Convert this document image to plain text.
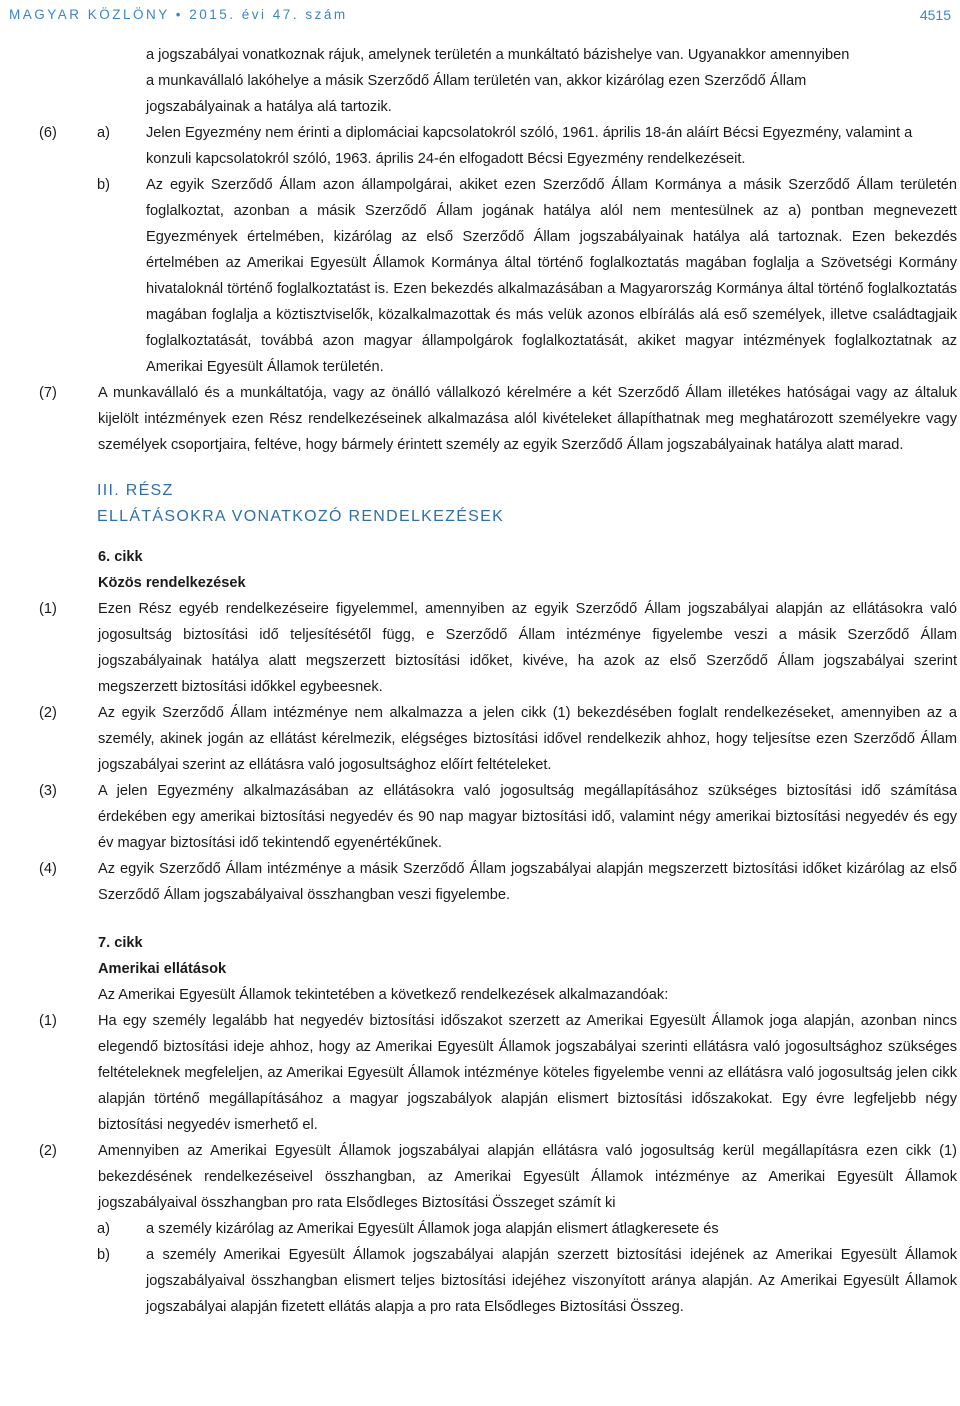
MAGYAR KÖZLÖNY • 2015. évi 47. szám	4515
a jogszabályai vonatkoznak rájuk, amelynek területén a munkáltató bázishelye van. Ugyanakkor amennyiben
a munkavállaló lakóhelye a másik Szerződő Állam területén van, akkor kizárólag ezen Szerződő Állam
jogszabályainak a hatálya alá tartozik.
(6)	a) Jelen Egyezmény nem érinti a diplomáciai kapcsolatokról szóló, 1961. április 18-án aláírt Bécsi Egyezmény, valamint a konzuli kapcsolatokról szóló, 1963. április 24-én elfogadott Bécsi Egyezmény rendelkezéseit.
b) Az egyik Szerződő Állam azon állampolgárai, akiket ezen Szerződő Állam Kormánya a másik Szerződő Állam területén foglalkoztat, azonban a másik Szerződő Állam jogának hatálya alól nem mentesülnek az a) pontban megnevezett Egyezmények értelmében, kizárólag az első Szerződő Állam jogszabályainak hatálya alá tartoznak. Ezen bekezdés értelmében az Amerikai Egyesült Államok Kormánya által történő foglalkoztatás magában foglalja a Szövetségi Kormány hivataloknál történő foglalkoztatást is. Ezen bekezdés alkalmazásában a Magyarország Kormánya által történő foglalkoztatás magában foglalja a köztisztviselők, közalkalmazottak és más velük azonos elbírálás alá eső személyek, illetve családtagjaik foglalkoztatását, továbbá azon magyar állampolgárok foglalkoztatását, akiket magyar intézmények foglalkoztatnak az Amerikai Egyesült Államok területén.
(7)	A munkavállaló és a munkáltatója, vagy az önálló vállalkozó kérelmére a két Szerződő Állam illetékes hatóságai vagy az általuk kijelölt intézmények ezen Rész rendelkezéseinek alkalmazása alól kivételeket állapíthatnak meg meghatározott személyekre vagy személyek csoportjaira, feltéve, hogy bármely érintett személy az egyik Szerződő Állam jogszabályainak hatálya alatt marad.
III. RÉSZ
ELLÁTÁSOKRA VONATKOZÓ RENDELKEZÉSEK
6. cikk
Közös rendelkezések
(1)	Ezen Rész egyéb rendelkezéseire figyelemmel, amennyiben az egyik Szerződő Állam jogszabályai alapján az ellátásokra való jogosultság biztosítási idő teljesítésétől függ, e Szerződő Állam intézménye figyelembe veszi a másik Szerződő Állam jogszabályainak hatálya alatt megszerzett biztosítási időket, kivéve, ha azok az első Szerződő Állam jogszabályai szerint megszerzett biztosítási időkkel egybeesnek.
(2)	Az egyik Szerződő Állam intézménye nem alkalmazza a jelen cikk (1) bekezdésében foglalt rendelkezéseket, amennyiben az a személy, akinek jogán az ellátást kérelmezik, elégséges biztosítási idővel rendelkezik ahhoz, hogy teljesítse ezen Szerződő Állam jogszabályai szerint az ellátásra való jogosultsághoz előírt feltételeket.
(3)	A jelen Egyezmény alkalmazásában az ellátásokra való jogosultság megállapításához szükséges biztosítási idő számítása érdekében egy amerikai biztosítási negyedév és 90 nap magyar biztosítási idő, valamint négy amerikai biztosítási negyedév és egy év magyar biztosítási idő tekintendő egyenértékűnek.
(4)	Az egyik Szerződő Állam intézménye a másik Szerződő Állam jogszabályai alapján megszerzett biztosítási időket kizárólag az első Szerződő Állam jogszabályaival összhangban veszi figyelembe.
7. cikk
Amerikai ellátások
Az Amerikai Egyesült Államok tekintetében a következő rendelkezések alkalmazandóak:
(1)	Ha egy személy legalább hat negyedév biztosítási időszakot szerzett az Amerikai Egyesült Államok joga alapján, azonban nincs elegendő biztosítási ideje ahhoz, hogy az Amerikai Egyesült Államok jogszabályai szerinti ellátásra való jogosultsághoz szükséges feltételeknek megfeleljen, az Amerikai Egyesült Államok intézménye köteles figyelembe venni az ellátásra való jogosultság jelen cikk alapján történő megállapításához a magyar jogszabályok alapján elismert biztosítási időszakokat. Egy évre legfeljebb négy biztosítási negyedév ismerhető el.
(2)	Amennyiben az Amerikai Egyesült Államok jogszabályai alapján ellátásra való jogosultság kerül megállapításra ezen cikk (1) bekezdésének rendelkezéseivel összhangban, az Amerikai Egyesült Államok intézménye az Amerikai Egyesült Államok jogszabályaival összhangban pro rata Elsődleges Biztosítási Összeget számít ki
a) a személy kizárólag az Amerikai Egyesült Államok joga alapján elismert átlagkeresete és
b) a személy Amerikai Egyesült Államok jogszabályai alapján szerzett biztosítási idejének az Amerikai Egyesült Államok jogszabályaival összhangban elismert teljes biztosítási idejéhez viszonyított aránya alapján. Az Amerikai Egyesült Államok jogszabályai alapján fizetett ellátás alapja a pro rata Elsődleges Biztosítási Összeg.
